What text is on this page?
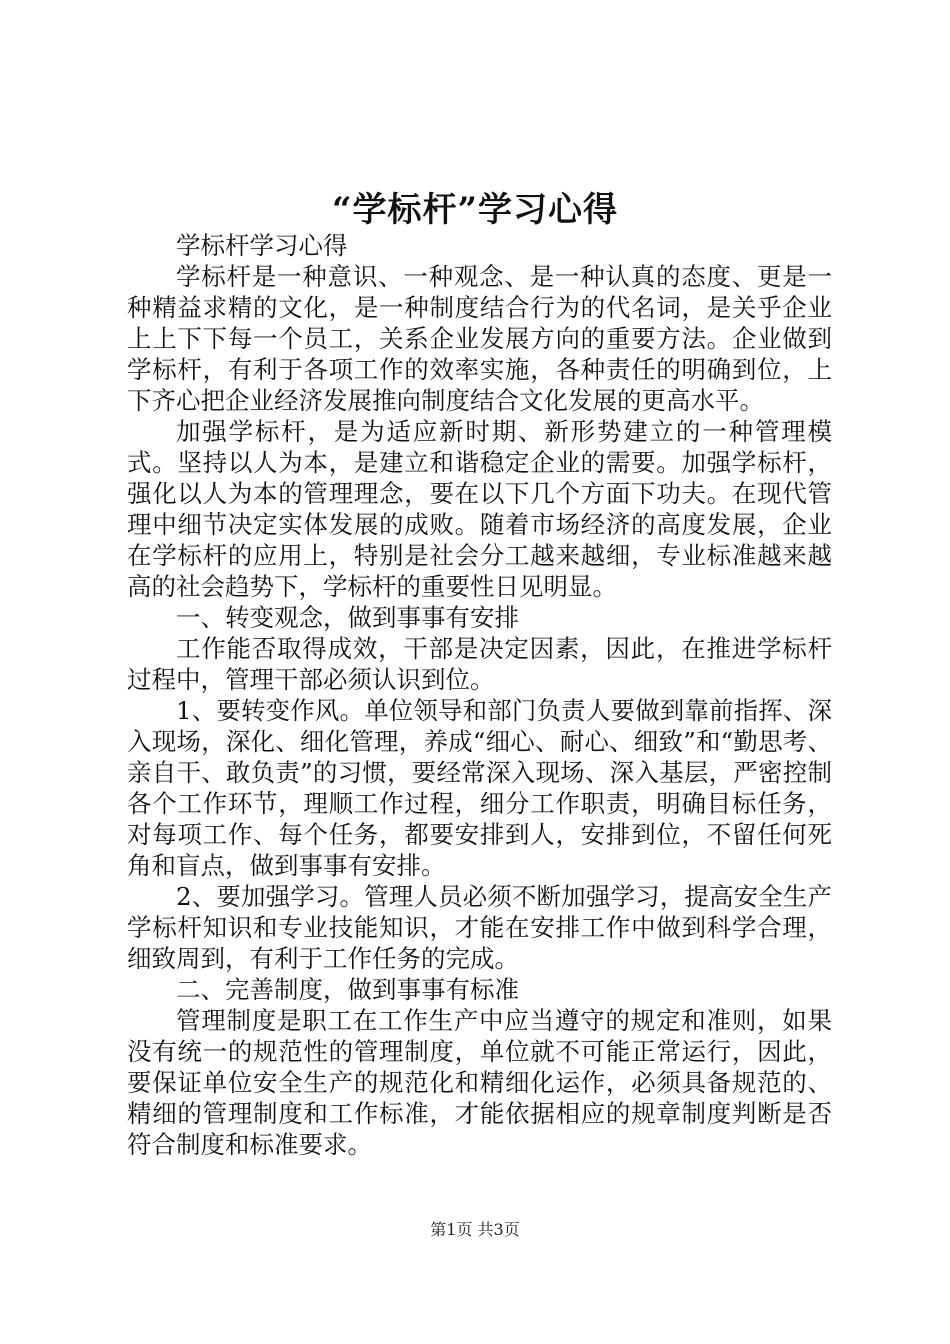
“学标杆”学习心得

学标杆学习心得

学标杆是一种意识、一种观念、是一种认真的态度、更是一种精益求精的文化，是一种制度结合行为的代名词，是关乎企业上上下下每一个员工，关系企业发展方向的重要方法。企业做到学标杆，有利于各项工作的效率实施，各种责任的明确到位，上下齐心把企业经济发展推向制度结合文化发展的更高水平。

加强学标杆，是为适应新时期、新形势建立的一种管理模式。坚持以人为本，是建立和谐稳定企业的需要。加强学标杆，强化以人为本的管理理念，要在以下几个方面下功夫。在现代管理中细节决定实体发展的成败。随着市场经济的高度发展，企业在学标杆的应用上，特别是社会分工越来越细，专业标准越来越高的社会趋势下，学标杆的重要性日见明显。

一、转变观念，做到事事有安排

工作能否取得成效，干部是决定因素，因此，在推进学标杆过程中，管理干部必须认识到位。

1、要转变作风。单位领导和部门负责人要做到靠前指挥、深入现场，深化、细化管理，养成“细心、耐心、细致”和“勤思考、亲自干、敢负责”的习惯，要经常深入现场、深入基层，严密控制各个工作环节，理顺工作过程，细分工作职责，明确目标任务，对每项工作、每个任务，都要安排到人，安排到位，不留任何死角和盲点，做到事事有安排。

2、要加强学习。管理人员必须不断加强学习，提高安全生产学标杆知识和专业技能知识，才能在安排工作中做到科学合理，细致周到，有利于工作任务的完成。

二、完善制度，做到事事有标准

管理制度是职工在工作生产中应当遵守的规定和准则，如果没有统一的规范性的管理制度，单位就不可能正常运行，因此，要保证单位安全生产的规范化和精细化运作，必须具备规范的、精细的管理制度和工作标准，才能依据相应的规章制度判断是否符合制度和标准要求。

第1页 共3页
